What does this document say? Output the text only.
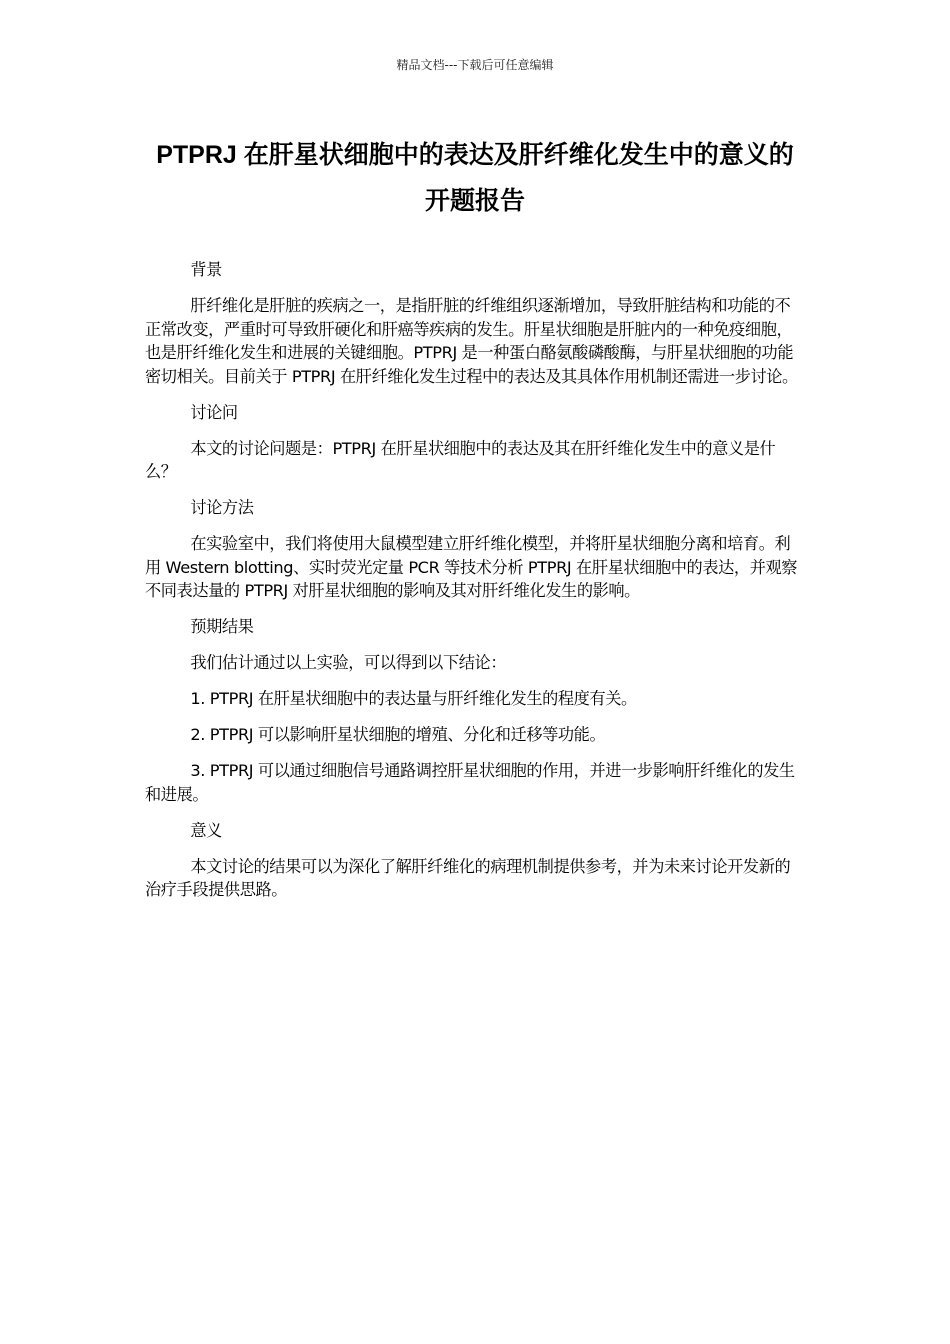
精品文档---下载后可任意编辑
PTPRJ 在肝星状细胞中的表达及肝纤维化发生中的意义的开题报告

背景

肝纤维化是肝脏的疾病之一，是指肝脏的纤维组织逐渐增加，导致肝脏结构和功能的不正常改变，严重时可导致肝硬化和肝癌等疾病的发生。肝星状细胞是肝脏内的一种免疫细胞，也是肝纤维化发生和进展的关键细胞。PTPRJ 是一种蛋白酪氨酸磷酸酶，与肝星状细胞的功能密切相关。目前关于 PTPRJ 在肝纤维化发生过程中的表达及其具体作用机制还需进一步讨论。

讨论问

本文的讨论问题是：PTPRJ 在肝星状细胞中的表达及其在肝纤维化发生中的意义是什么？

讨论方法

在实验室中，我们将使用大鼠模型建立肝纤维化模型，并将肝星状细胞分离和培育。利用 Western blotting、实时荧光定量 PCR 等技术分析 PTPRJ 在肝星状细胞中的表达，并观察不同表达量的 PTPRJ 对肝星状细胞的影响及其对肝纤维化发生的影响。

预期结果

我们估计通过以上实验，可以得到以下结论：

1. PTPRJ 在肝星状细胞中的表达量与肝纤维化发生的程度有关。

2. PTPRJ 可以影响肝星状细胞的增殖、分化和迁移等功能。

3. PTPRJ 可以通过细胞信号通路调控肝星状细胞的作用，并进一步影响肝纤维化的发生和进展。

意义

本文讨论的结果可以为深化了解肝纤维化的病理机制提供参考，并为未来讨论开发新的治疗手段提供思路。
